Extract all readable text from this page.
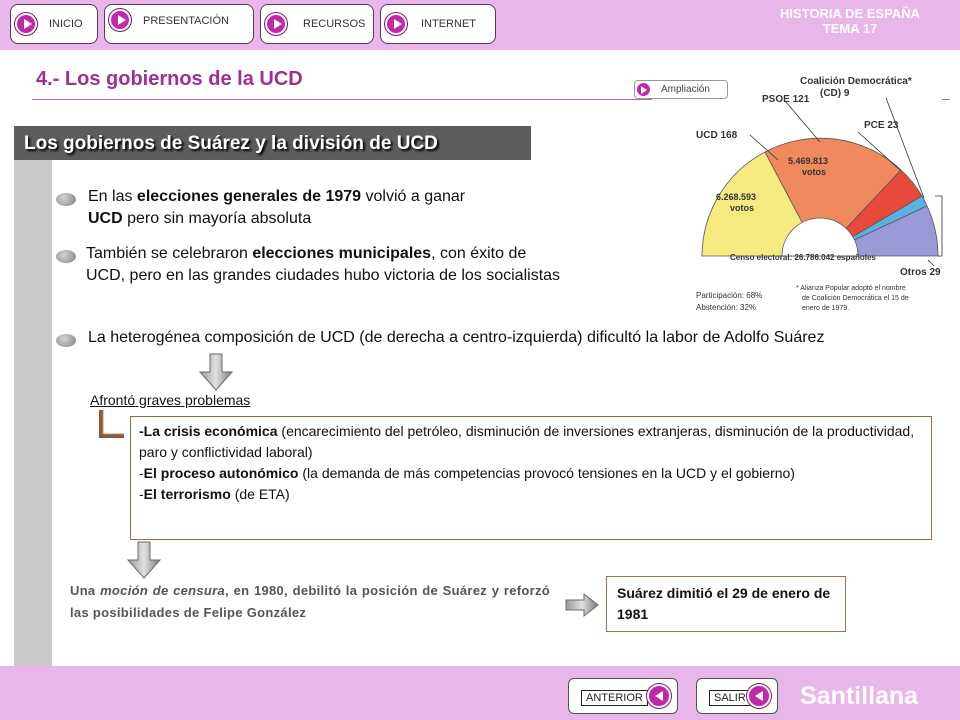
INICIO	PRESENTACIÓN	RECURSOS	INTERNET
HISTORIA DE ESPAÑA
TEMA 17
4.- Los gobiernos de la UCD	Ampliación
Los gobiernos de Suárez y la división de UCD
En las elecciones generales de 1979 volvió a ganar
UCD pero sin mayoría absoluta
También se celebraron elecciones municipales, con éxito de
UCD, pero en las grandes ciudades hubo victoria de los socialistas
La heterogénea composición de UCD (de derecha a centro-izquierda) dificultó la labor de Adolfo Suárez
Afrontó graves problemas
-La crisis económica (encarecimiento del petróleo, disminución de inversiones extranjeras, disminución de la productividad, paro y conflictividad laboral)
-El proceso autonómico (la demanda de más competencias provocó tensiones en la UCD y el gobierno)
-El terrorismo (de ETA)
Una moción de censura, en 1980, debilitó la posición de Suárez y reforzó las posibilidades de Felipe González
Suárez dimitió el 29 de enero de 1981
Coalición Democrática*
(CD) 9
PSOE 121
PCE 23
UCD 168
5.469.813
votos
6.268.593
votos
Censo electoral: 26.786.042 españoles
Otros 29
Participación: 68%
Abstención: 32%
* Alianza Popular adoptó el nombre
de Coalición Democrática el 15 de
enero de 1979.
ANTERIOR	SALIR Santillana
